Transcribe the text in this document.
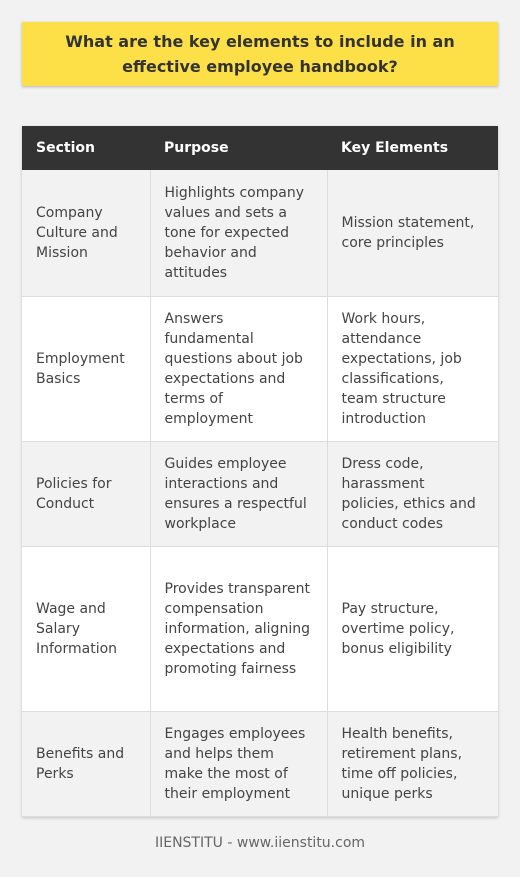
What are the key elements to include in an effective employee handbook?
Section	Purpose	Key Elements
Company Culture and Mission	Highlights company values and sets a tone for expected behavior and attitudes	Mission statement, core principles
Employment Basics	Answers fundamental questions about job expectations and terms of employment	Work hours, attendance expectations, job classifications, team structure introduction
Policies for Conduct	Guides employee interactions and ensures a respectful workplace	Dress code, harassment policies, ethics and conduct codes
Wage and Salary Information	Provides transparent compensation information, aligning expectations and promoting fairness	Pay structure, overtime policy, bonus eligibility
Benefits and Perks	Engages employees and helps them make the most of their employment	Health benefits, retirement plans, time off policies, unique perks
IIENSTITU - www.iienstitu.com
